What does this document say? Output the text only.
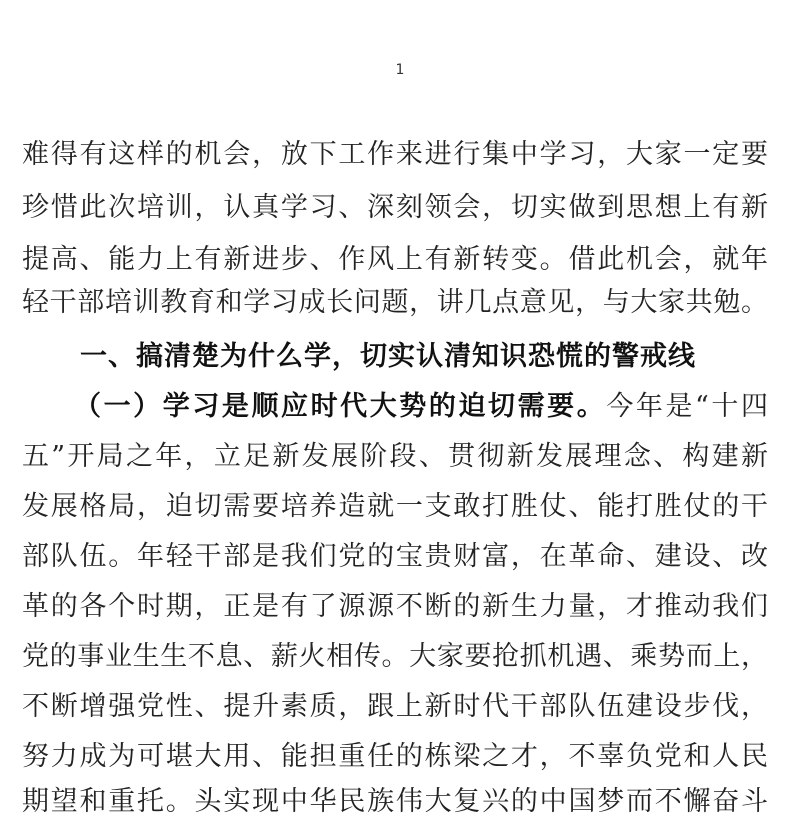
1
难得有这样的机会，放下工作来进行集中学习，大家一定要
珍惜此次培训，认真学习、深刻领会，切实做到思想上有新
提高、能力上有新进步、作风上有新转变。借此机会，就年
轻干部培训教育和学习成长问题，讲几点意见，与大家共勉。
一、搞清楚为什么学，切实认清知识恐慌的警戒线
（一）学习是顺应时代大势的迫切需要。今年是“十四
五”开局之年，立足新发展阶段、贯彻新发展理念、构建新
发展格局，迫切需要培养造就一支敢打胜仗、能打胜仗的干
部队伍。年轻干部是我们党的宝贵财富，在革命、建设、改
革的各个时期，正是有了源源不断的新生力量，才推动我们
党的事业生生不息、薪火相传。大家要抢抓机遇、乘势而上，
不断增强党性、提升素质，跟上新时代干部队伍建设步伐，
努力成为可堪大用、能担重任的栋梁之才，不辜负党和人民
期望和重托。头实现中华民族伟大复兴的中国梦而不懈奋斗
